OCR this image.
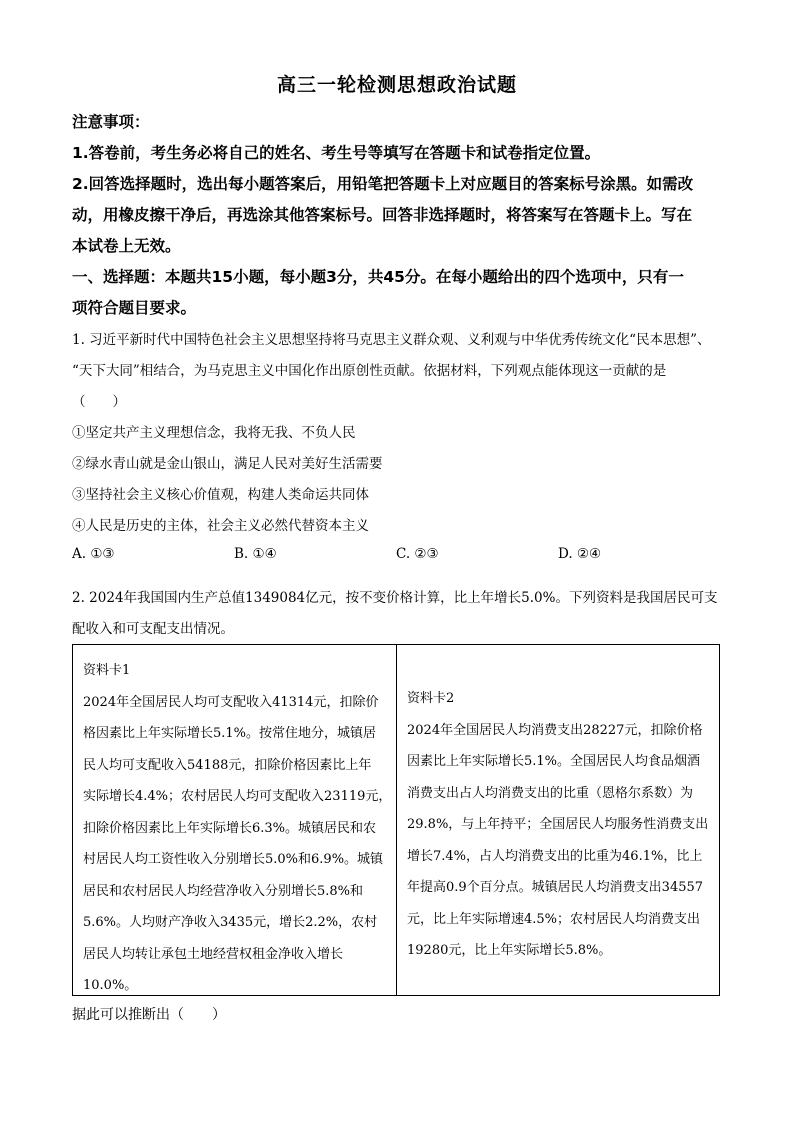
高三一轮检测思想政治试题
注意事项：
1.答卷前，考生务必将自己的姓名、考生号等填写在答题卡和试卷指定位置。
2.回答选择题时，选出每小题答案后，用铅笔把答题卡上对应题目的答案标号涂黑。如需改
动，用橡皮擦干净后，再选涂其他答案标号。回答非选择题时，将答案写在答题卡上。写在
本试卷上无效。
一、选择题：本题共15小题，每小题3分，共45分。在每小题给出的四个选项中，只有一
项符合题目要求。
1. 习近平新时代中国特色社会主义思想坚持将马克思主义群众观、义利观与中华优秀传统文化“民本思想”、
“天下大同”相结合，为马克思主义中国化作出原创性贡献。依据材料，下列观点能体现这一贡献的是
（　　）
①坚定共产主义理想信念，我将无我、不负人民
②绿水青山就是金山银山，满足人民对美好生活需要
③坚持社会主义核心价值观，构建人类命运共同体
④人民是历史的主体，社会主义必然代替资本主义
A. ①③	B. ①④	C. ②③	D. ②④
2. 2024年我国国内生产总值1349084亿元，按不变价格计算，比上年增长5.0%。下列资料是我国居民可支
配收入和可支配支出情况。
资料卡1
2024年全国居民人均可支配收入41314元，扣除价
格因素比上年实际增长5.1%。按常住地分，城镇居
民人均可支配收入54188元，扣除价格因素比上年
实际增长4.4%；农村居民人均可支配收入23119元，
扣除价格因素比上年实际增长6.3%。城镇居民和农
村居民人均工资性收入分别增长5.0%和6.9%。城镇
居民和农村居民人均经营净收入分别增长5.8%和
5.6%。人均财产净收入3435元，增长2.2%，农村
居民人均转让承包土地经营权租金净收入增长
10.0%。
资料卡2
2024年全国居民人均消费支出28227元，扣除价格
因素比上年实际增长5.1%。全国居民人均食品烟酒
消费支出占人均消费支出的比重（恩格尔系数）为
29.8%，与上年持平；全国居民人均服务性消费支出
增长7.4%，占人均消费支出的比重为46.1%，比上
年提高0.9个百分点。城镇居民人均消费支出34557
元，比上年实际增速4.5%；农村居民人均消费支出
19280元，比上年实际增长5.8%。
据此可以推断出（　　）
